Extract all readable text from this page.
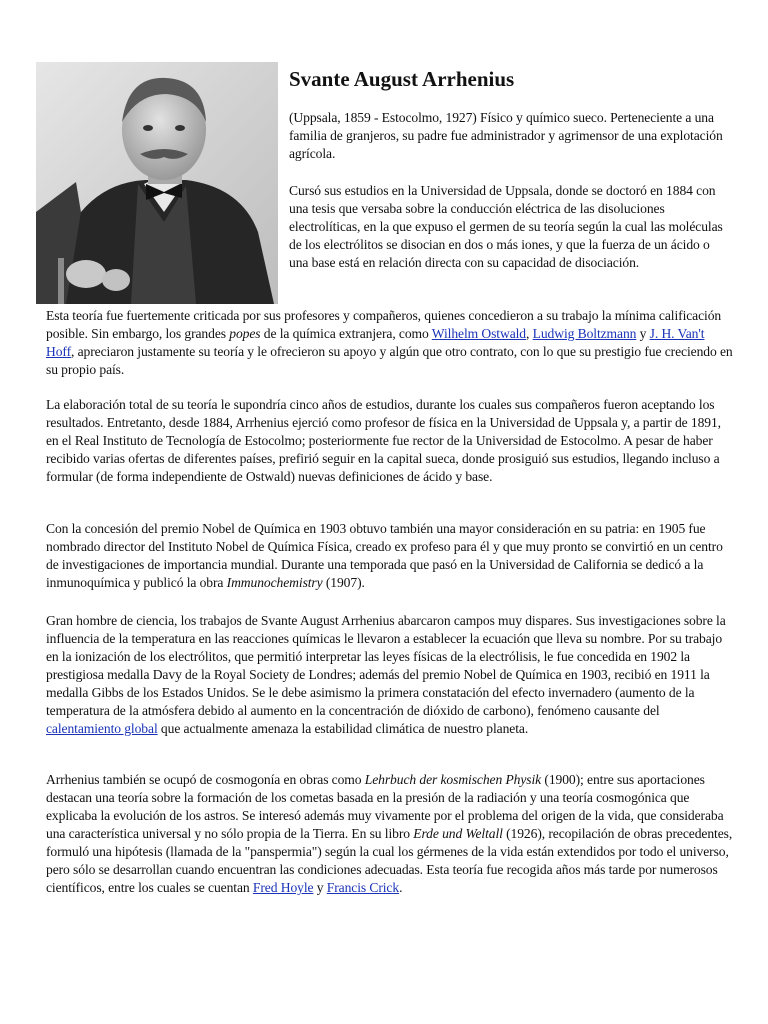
Svante August Arrhenius

(Uppsala, 1859 - Estocolmo, 1927) Físico y químico sueco. Perteneciente a una familia de granjeros, su padre fue administrador y agrimensor de una explotación agrícola.

Cursó sus estudios en la Universidad de Uppsala, donde se doctoró en 1884 con una tesis que versaba sobre la conducción eléctrica de las disoluciones electrolíticas, en la que expuso el germen de su teoría según la cual las moléculas de los electrólitos se disocian en dos o más iones, y que la fuerza de un ácido o una base está en relación directa con su capacidad de disociación.

Esta teoría fue fuertemente criticada por sus profesores y compañeros, quienes concedieron a su trabajo la mínima calificación posible. Sin embargo, los grandes popes de la química extranjera, como Wilhelm Ostwald, Ludwig Boltzmann y J. H. Van't Hoff, apreciaron justamente su teoría y le ofrecieron su apoyo y algún que otro contrato, con lo que su prestigio fue creciendo en su propio país.

La elaboración total de su teoría le supondría cinco años de estudios, durante los cuales sus compañeros fueron aceptando los resultados. Entretanto, desde 1884, Arrhenius ejerció como profesor de física en la Universidad de Uppsala y, a partir de 1891, en el Real Instituto de Tecnología de Estocolmo; posteriormente fue rector de la Universidad de Estocolmo. A pesar de haber recibido varias ofertas de diferentes países, prefirió seguir en la capital sueca, donde prosiguió sus estudios, llegando incluso a formular (de forma independiente de Ostwald) nuevas definiciones de ácido y base.

Con la concesión del premio Nobel de Química en 1903 obtuvo también una mayor consideración en su patria: en 1905 fue nombrado director del Instituto Nobel de Química Física, creado ex profeso para él y que muy pronto se convirtió en un centro de investigaciones de importancia mundial. Durante una temporada que pasó en la Universidad de California se dedicó a la inmunoquímica y publicó la obra Immunochemistry (1907).

Gran hombre de ciencia, los trabajos de Svante August Arrhenius abarcaron campos muy dispares. Sus investigaciones sobre la influencia de la temperatura en las reacciones químicas le llevaron a establecer la ecuación que lleva su nombre. Por su trabajo en la ionización de los electrólitos, que permitió interpretar las leyes físicas de la electrólisis, le fue concedida en 1902 la prestigiosa medalla Davy de la Royal Society de Londres; además del premio Nobel de Química en 1903, recibió en 1911 la medalla Gibbs de los Estados Unidos. Se le debe asimismo la primera constatación del efecto invernadero (aumento de la temperatura de la atmósfera debido al aumento en la concentración de dióxido de carbono), fenómeno causante del calentamiento global que actualmente amenaza la estabilidad climática de nuestro planeta.

Arrhenius también se ocupó de cosmogonía en obras como Lehrbuch der kosmischen Physik (1900); entre sus aportaciones destacan una teoría sobre la formación de los cometas basada en la presión de la radiación y una teoría cosmogónica que explicaba la evolución de los astros. Se interesó además muy vivamente por el problema del origen de la vida, que consideraba una característica universal y no sólo propia de la Tierra. En su libro Erde und Weltall (1926), recopilación de obras precedentes, formuló una hipótesis (llamada de la "panspermia") según la cual los gérmenes de la vida están extendidos por todo el universo, pero sólo se desarrollan cuando encuentran las condiciones adecuadas. Esta teoría fue recogida años más tarde por numerosos científicos, entre los cuales se cuentan Fred Hoyle y Francis Crick.
